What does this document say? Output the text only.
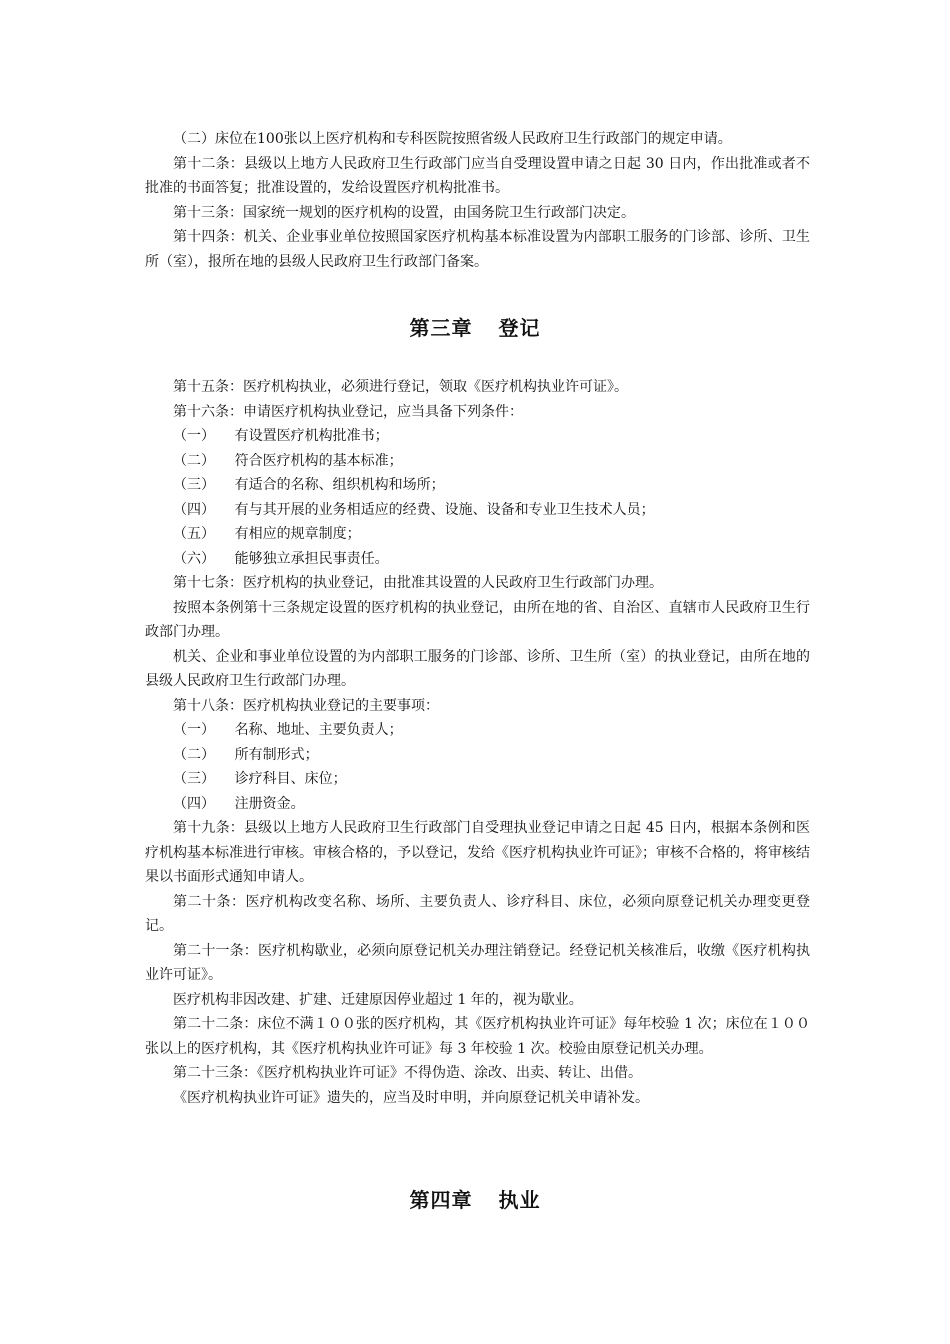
（二）床位在100张以上医疗机构和专科医院按照省级人民政府卫生行政部门的规定申请。

第十二条：县级以上地方人民政府卫生行政部门应当自受理设置申请之日起 30 日内，作出批准或者不批准的书面答复；批准设置的，发给设置医疗机构批准书。

第十三条：国家统一规划的医疗机构的设置，由国务院卫生行政部门决定。

第十四条：机关、企业事业单位按照国家医疗机构基本标准设置为内部职工服务的门诊部、诊所、卫生所（室），报所在地的县级人民政府卫生行政部门备案。

第三章 登记

第十五条：医疗机构执业，必须进行登记，领取《医疗机构执业许可证》。

第十六条：申请医疗机构执业登记，应当具备下列条件：

（一） 有设置医疗机构批准书；

（二） 符合医疗机构的基本标准；

（三） 有适合的名称、组织机构和场所；

（四） 有与其开展的业务相适应的经费、设施、设备和专业卫生技术人员；

（五） 有相应的规章制度；

（六） 能够独立承担民事责任。

第十七条：医疗机构的执业登记，由批准其设置的人民政府卫生行政部门办理。

按照本条例第十三条规定设置的医疗机构的执业登记，由所在地的省、自治区、直辖市人民政府卫生行政部门办理。

机关、企业和事业单位设置的为内部职工服务的门诊部、诊所、卫生所（室）的执业登记，由所在地的县级人民政府卫生行政部门办理。

第十八条：医疗机构执业登记的主要事项：

（一） 名称、地址、主要负责人；

（二） 所有制形式；

（三） 诊疗科目、床位；

（四） 注册资金。

第十九条：县级以上地方人民政府卫生行政部门自受理执业登记申请之日起 45 日内，根据本条例和医疗机构基本标准进行审核。审核合格的，予以登记，发给《医疗机构执业许可证》；审核不合格的，将审核结果以书面形式通知申请人。

第二十条：医疗机构改变名称、场所、主要负责人、诊疗科目、床位，必须向原登记机关办理变更登记。

第二十一条：医疗机构歇业，必须向原登记机关办理注销登记。经登记机关核准后，收缴《医疗机构执业许可证》。

医疗机构非因改建、扩建、迁建原因停业超过 1 年的，视为歇业。

第二十二条：床位不满１００张的医疗机构，其《医疗机构执业许可证》每年校验 1 次；床位在１００张以上的医疗机构，其《医疗机构执业许可证》每 3 年校验 1 次。校验由原登记机关办理。

第二十三条：《医疗机构执业许可证》不得伪造、涂改、出卖、转让、出借。

《医疗机构执业许可证》遗失的，应当及时申明，并向原登记机关申请补发。

第四章 执业
